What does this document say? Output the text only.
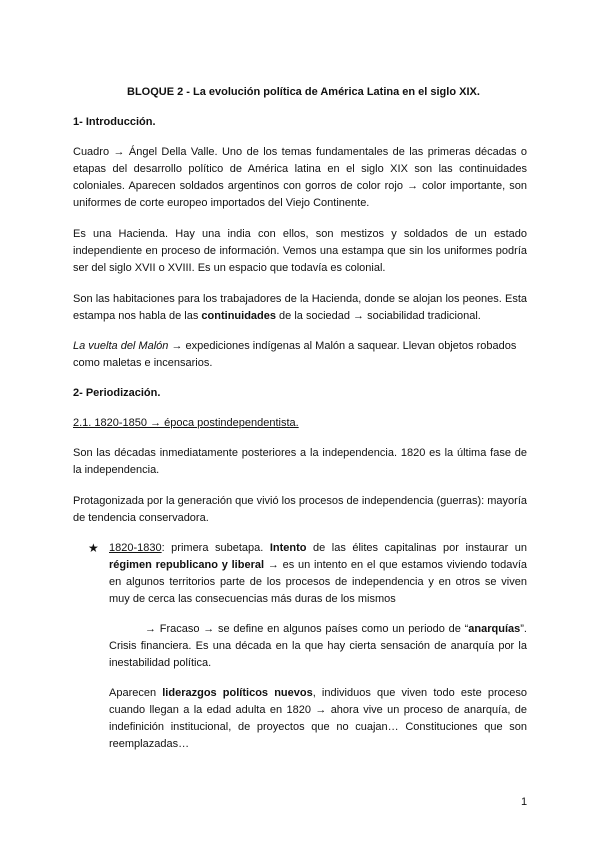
BLOQUE 2 - La evolución política de América Latina en el siglo XIX.
1- Introducción.
Cuadro → Ángel Della Valle. Uno de los temas fundamentales de las primeras décadas o
etapas del desarrollo político de América latina en el siglo XIX son las continuidades
coloniales. Aparecen soldados argentinos con gorros de color rojo → color importante, son
uniformes de corte europeo importados del Viejo Continente.
Es una Hacienda. Hay una india con ellos, son mestizos y soldados de un estado
independiente en proceso de información. Vemos una estampa que sin los uniformes podría
ser del siglo XVII o XVIII. Es un espacio que todavía es colonial.
Son las habitaciones para los trabajadores de la Hacienda, donde se alojan los peones. Esta
estampa nos habla de las continuidades de la sociedad → sociabilidad tradicional.
La vuelta del Malón → expediciones indígenas al Malón a saquear. Llevan objetos robados
como maletas e incensarios.
2- Periodización.
2.1. 1820-1850 → época postindependentista.
Son las décadas inmediatamente posteriores a la independencia. 1820 es la última fase de
la independencia.
Protagonizada por la generación que vivió los procesos de independencia (guerras): mayoría
de tendencia conservadora.
★ 1820-1830: primera subetapa. Intento de las élites capitalinas por instaurar un
régimen republicano y liberal → es un intento en el que estamos viviendo todavía
en algunos territorios parte de los procesos de independencia y en otros se viven
muy de cerca las consecuencias más duras de los mismos
→ Fracaso → se define en algunos países como un periodo de “anarquías”.
Crisis financiera. Es una década en la que hay cierta sensación de anarquía por la
inestabilidad política.
Aparecen liderazgos políticos nuevos, individuos que viven todo este proceso
cuando llegan a la edad adulta en 1820 → ahora vive un proceso de anarquía, de
indefinición institucional, de proyectos que no cuajan… Constituciones que son
reemplazadas…
1
